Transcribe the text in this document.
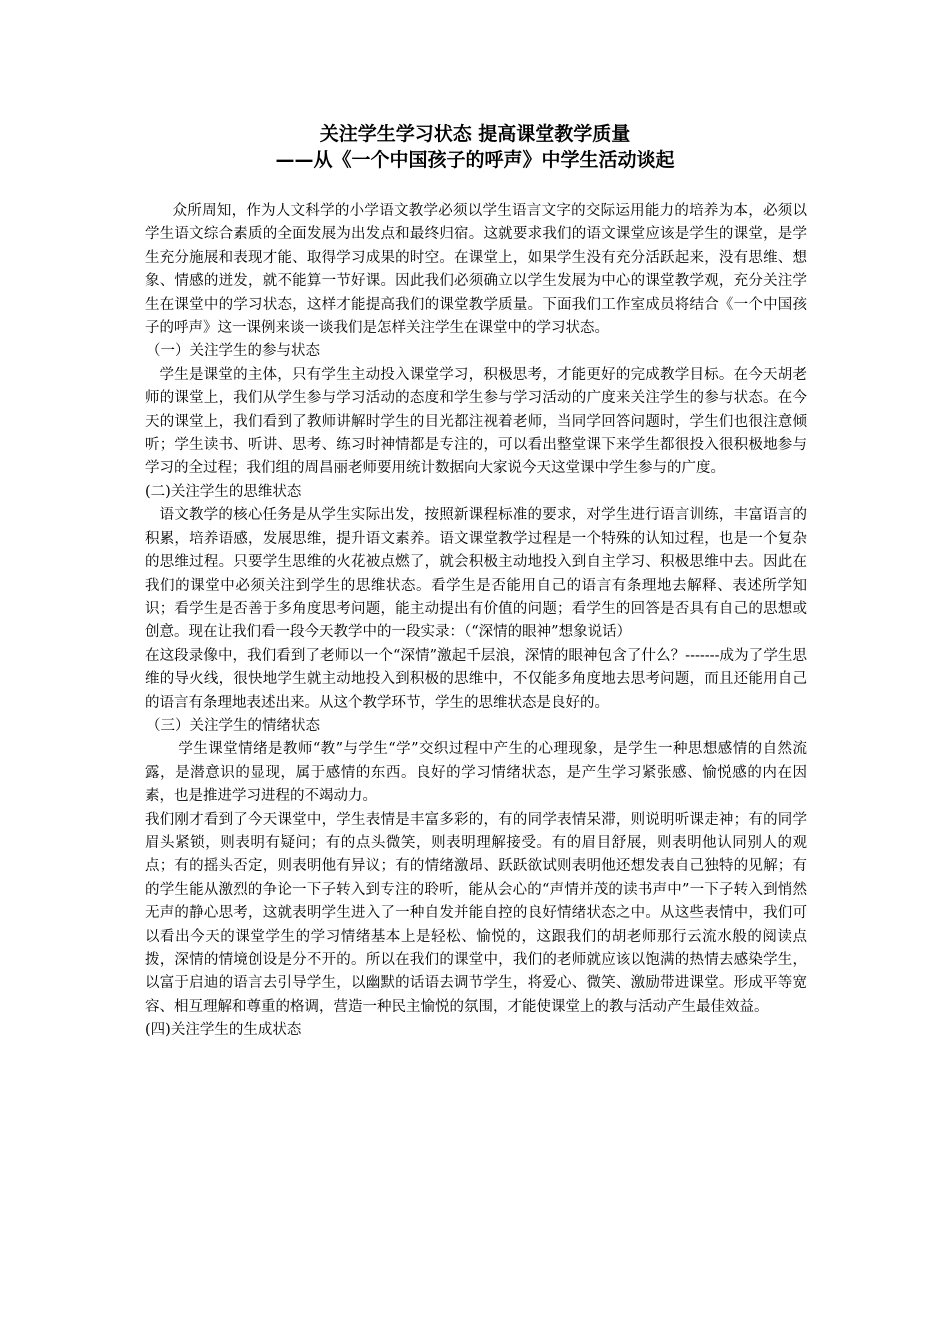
关注学生学习状态 提高课堂教学质量
——从《一个中国孩子的呼声》中学生活动谈起

众所周知，作为人文科学的小学语文教学必须以学生语言文字的交际运用能力的培养为本，必须以学生语文综合素质的全面发展为出发点和最终归宿。这就要求我们的语文课堂应该是学生的课堂，是学生充分施展和表现才能、取得学习成果的时空。在课堂上，如果学生没有充分活跃起来，没有思维、想象、情感的迸发，就不能算一节好课。因此我们必须确立以学生发展为中心的课堂教学观，充分关注学生在课堂中的学习状态，这样才能提高我们的课堂教学质量。下面我们工作室成员将结合《一个中国孩子的呼声》这一课例来谈一谈我们是怎样关注学生在课堂中的学习状态。

（一）关注学生的参与状态

学生是课堂的主体，只有学生主动投入课堂学习，积极思考，才能更好的完成教学目标。在今天胡老师的课堂上，我们从学生参与学习活动的态度和学生参与学习活动的广度来关注学生的参与状态。在今天的课堂上，我们看到了教师讲解时学生的目光都注视着老师，当同学回答问题时，学生们也很注意倾听；学生读书、听讲、思考、练习时神情都是专注的，可以看出整堂课下来学生都很投入很积极地参与学习的全过程；我们组的周昌丽老师要用统计数据向大家说今天这堂课中学生参与的广度。

(二)关注学生的思维状态

语文教学的核心任务是从学生实际出发，按照新课程标准的要求，对学生进行语言训练，丰富语言的积累，培养语感，发展思维，提升语文素养。语文课堂教学过程是一个特殊的认知过程，也是一个复杂的思维过程。只要学生思维的火花被点燃了，就会积极主动地投入到自主学习、积极思维中去。因此在我们的课堂中必须关注到学生的思维状态。看学生是否能用自己的语言有条理地去解释、表述所学知识；看学生是否善于多角度思考问题，能主动提出有价值的问题；看学生的回答是否具有自己的思想或创意。现在让我们看一段今天教学中的一段实录：（“深情的眼神”想象说话）

在这段录像中，我们看到了老师以一个“深情”激起千层浪，深情的眼神包含了什么？-------成为了学生思维的导火线，很快地学生就主动地投入到积极的思维中，不仅能多角度地去思考问题，而且还能用自己的语言有条理地表述出来。从这个教学环节，学生的思维状态是良好的。

（三）关注学生的情绪状态

学生课堂情绪是教师“教”与学生“学”交织过程中产生的心理现象，是学生一种思想感情的自然流露，是潜意识的显现，属于感情的东西。良好的学习情绪状态，是产生学习紧张感、愉悦感的内在因素，也是推进学习进程的不竭动力。

我们刚才看到了今天课堂中，学生表情是丰富多彩的，有的同学表情呆滞，则说明听课走神；有的同学眉头紧锁，则表明有疑问；有的点头微笑，则表明理解接受。有的眉目舒展，则表明他认同别人的观点；有的摇头否定，则表明他有异议；有的情绪激昂、跃跃欲试则表明他还想发表自己独特的见解；有的学生能从激烈的争论一下子转入到专注的聆听，能从会心的“声情并茂的读书声中”一下子转入到悄然无声的静心思考，这就表明学生进入了一种自发并能自控的良好情绪状态之中。从这些表情中，我们可以看出今天的课堂学生的学习情绪基本上是轻松、愉悦的，这跟我们的胡老师那行云流水般的阅读点拨，深情的情境创设是分不开的。所以在我们的课堂中，我们的老师就应该以饱满的热情去感染学生，以富于启迪的语言去引导学生，以幽默的话语去调节学生，将爱心、微笑、激励带进课堂。形成平等宽容、相互理解和尊重的格调，营造一种民主愉悦的氛围，才能使课堂上的教与活动产生最佳效益。

(四)关注学生的生成状态
